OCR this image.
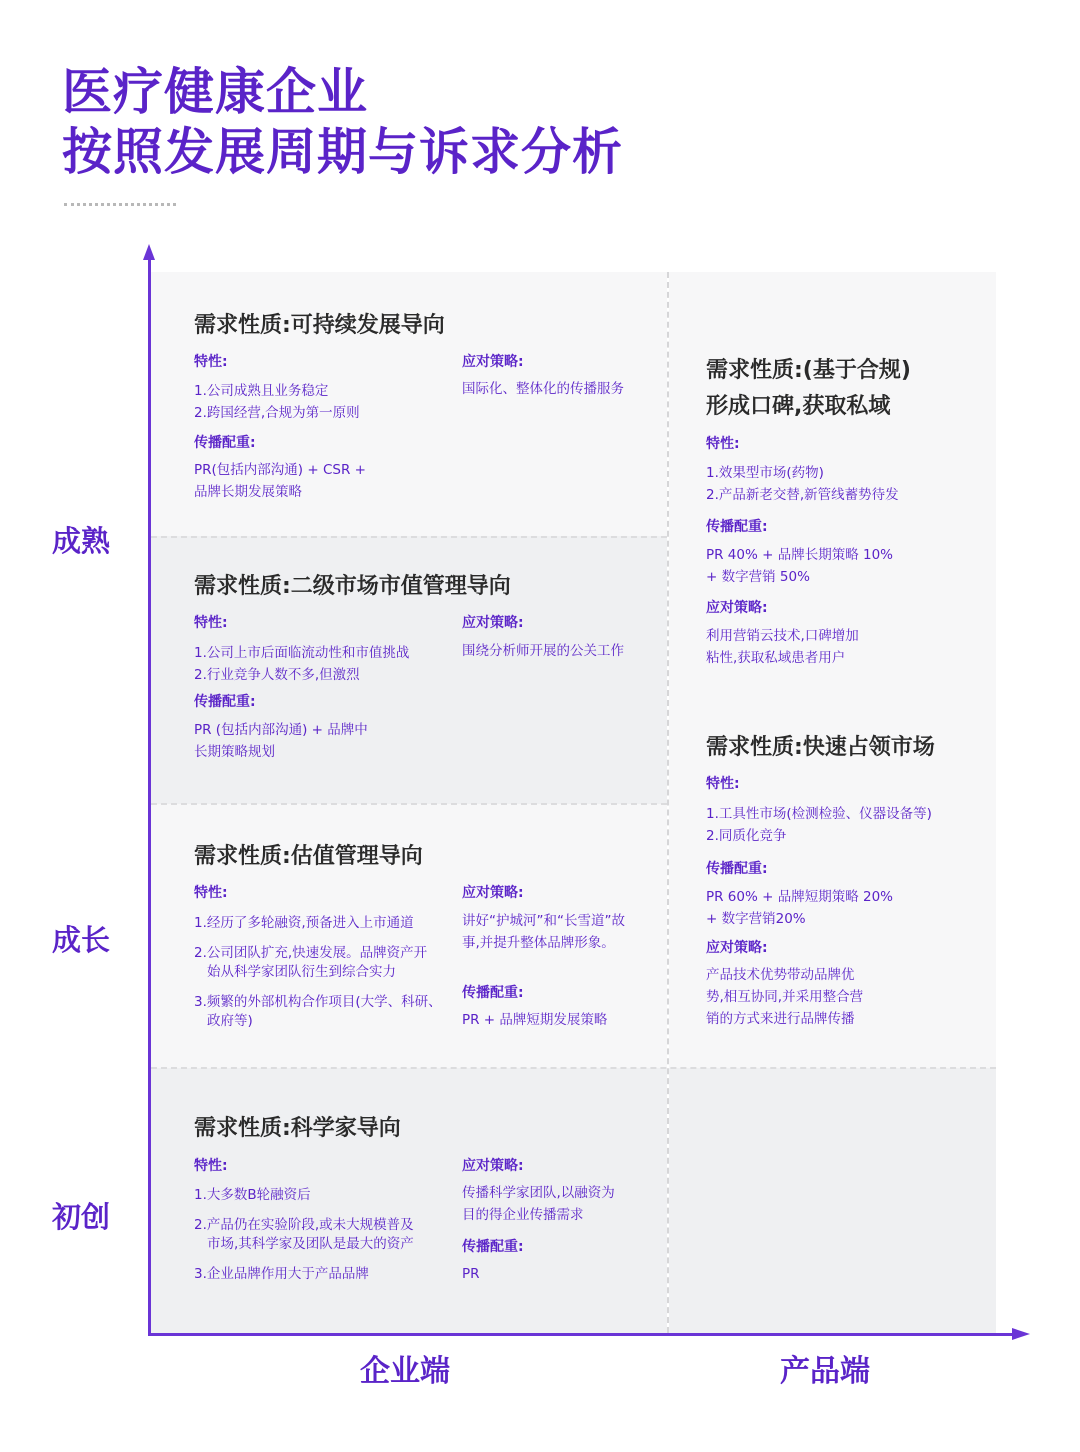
医疗健康企业
按照发展周期与诉求分析
成熟
成长
初创
企业端	产品端
需求性质:可持续发展导向
特性:
1.公司成熟且业务稳定
2.跨国经营,合规为第一原则
传播配重:
PR(包括内部沟通) + CSR +
品牌长期发展策略
应对策略:
国际化、整体化的传播服务
需求性质:二级市场市值管理导向
特性:
1.公司上市后面临流动性和市值挑战
2.行业竞争人数不多,但激烈
传播配重:
PR (包括内部沟通) + 品牌中
长期策略规划
应对策略:
围绕分析师开展的公关工作
需求性质:估值管理导向
特性:
1.经历了多轮融资,预备进入上市通道
2.公司团队扩充,快速发展。品牌资产开
始从科学家团队衍生到综合实力
3.频繁的外部机构合作项目(大学、科研、
政府等)
应对策略:
讲好“护城河”和“长雪道”故
事,并提升整体品牌形象。
传播配重:
PR + 品牌短期发展策略
需求性质:科学家导向
特性:
1.大多数B轮融资后
2.产品仍在实验阶段,或未大规模普及
市场,其科学家及团队是最大的资产
3.企业品牌作用大于产品品牌
应对策略:
传播科学家团队,以融资为
目的得企业传播需求
传播配重:
PR
需求性质:(基于合规)
形成口碑,获取私域
特性:
1.效果型市场(药物)
2.产品新老交替,新管线蓄势待发
传播配重:
PR 40% + 品牌长期策略 10%
+ 数字营销 50%
应对策略:
利用营销云技术,口碑增加
粘性,获取私域患者用户
需求性质:快速占领市场
特性:
1.工具性市场(检测检验、仪器设备等)
2.同质化竞争
传播配重:
PR 60% + 品牌短期策略 20%
+ 数字营销20%
应对策略:
产品技术优势带动品牌优
势,相互协同,并采用整合营
销的方式来进行品牌传播
